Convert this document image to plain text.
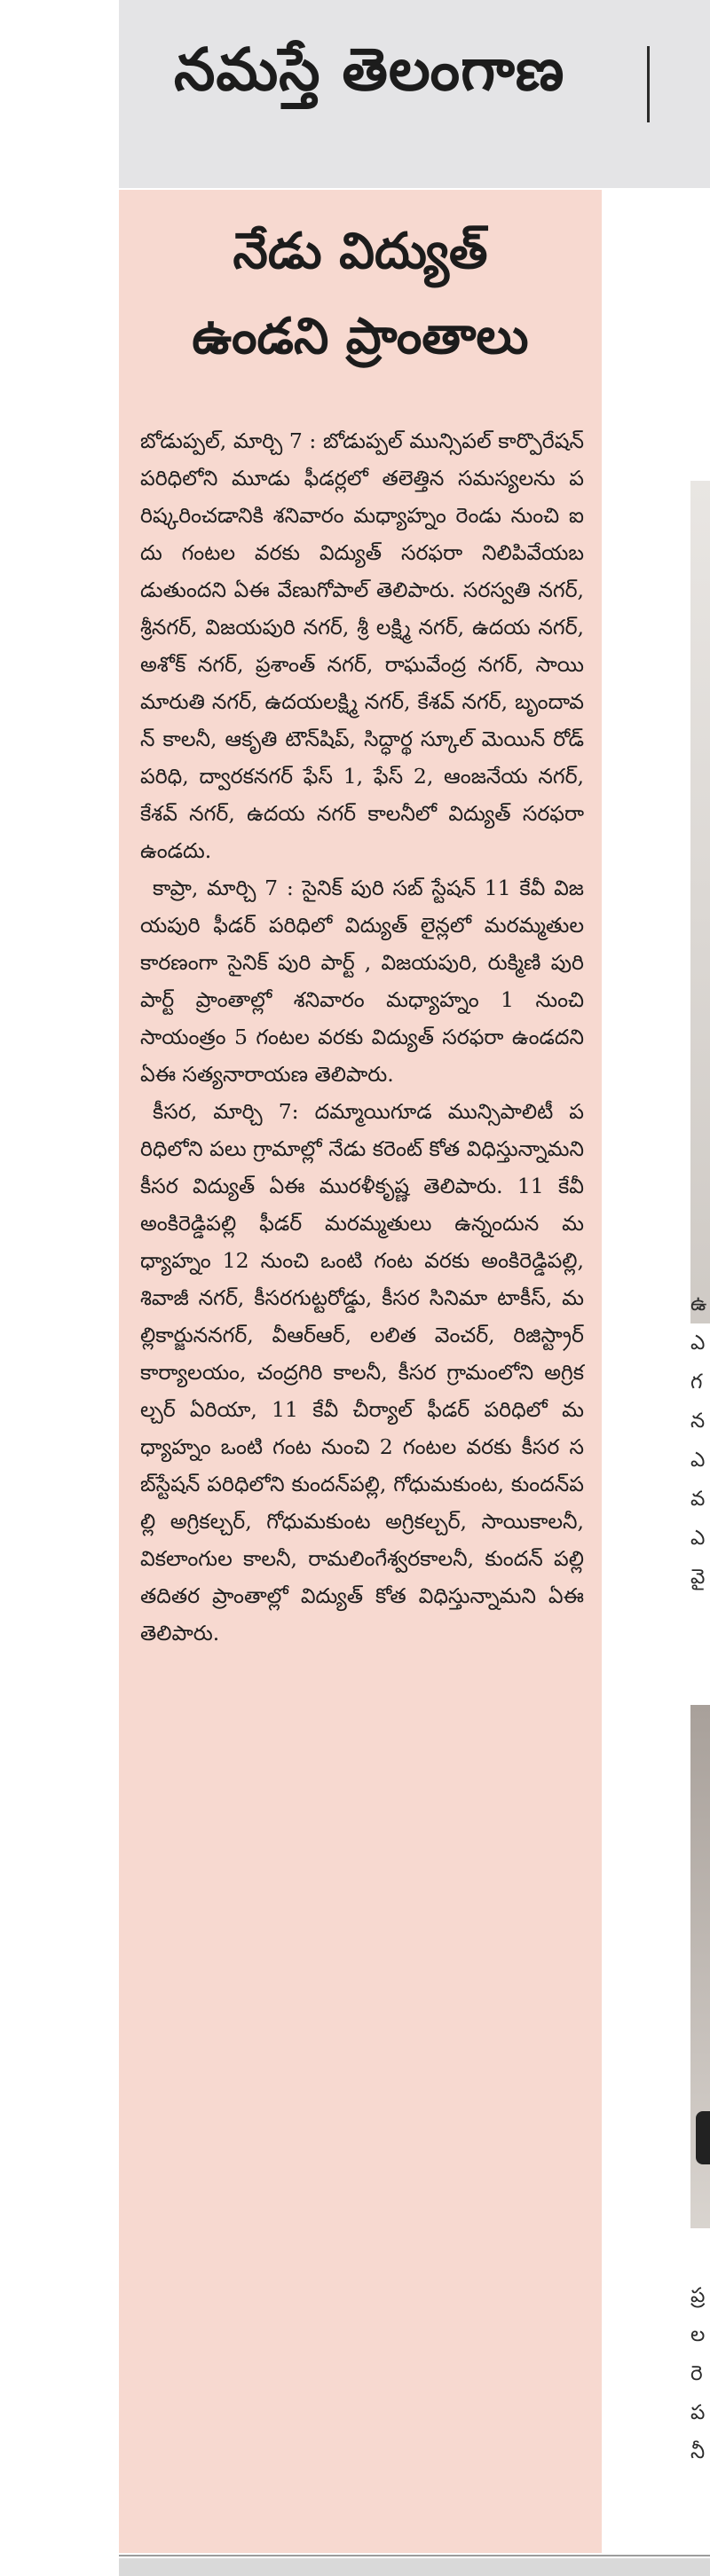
నమస్తే తెలంగాణ
నేడు విద్యుత్
ఉండని ప్రాంతాలు

బోడుప్పల్, మార్చి 7 : బోడుప్పల్ మున్సిపల్ కార్పొరేషన్ పరిధిలోని మూడు ఫీడర్లలో తలెత్తిన సమస్యలను పరిష్కరించడానికి శనివారం మధ్యాహ్నం రెండు నుంచి ఐదు గంటల వరకు విద్యుత్ సరఫరా నిలిపివేయబడుతుందని ఏఈ వేణుగోపాల్ తెలిపారు. సరస్వతి నగర్, శ్రీనగర్, విజయపురి నగర్, శ్రీ లక్ష్మి నగర్, ఉదయ నగర్, అశోక్ నగర్, ప్రశాంత్ నగర్, రాఘవేంద్ర నగర్, సాయి మారుతి నగర్, ఉదయలక్ష్మి నగర్, కేశవ్ నగర్, బృందావన్ కాలనీ, ఆకృతి టౌన్‌షిప్, సిద్ధార్థ స్కూల్ మెయిన్ రోడ్ పరిధి, ద్వారకనగర్ ఫేస్ 1, ఫేస్ 2, ఆంజనేయ నగర్, కేశవ్ నగర్, ఉదయ నగర్ కాలనీలో విద్యుత్ సరఫరా ఉండదు.

కాప్రా, మార్చి 7 : సైనిక్ పురి సబ్ స్టేషన్ 11 కేవీ విజయపురి ఫీడర్ పరిధిలో విద్యుత్ లైన్లలో మరమ్మతుల కారణంగా సైనిక్ పురి పార్ట్ , విజయపురి, రుక్మిణి పురి పార్ట్ ప్రాంతాల్లో శనివారం మధ్యాహ్నం 1 నుంచి సాయంత్రం 5 గంటల వరకు విద్యుత్ సరఫరా ఉండదని ఏఈ సత్యనారాయణ తెలిపారు.

కీసర, మార్చి 7: దమ్మాయిగూడ మున్సిపాలిటీ పరిధిలోని పలు గ్రామాల్లో నేడు కరెంట్ కోత విధిస్తున్నామని కీసర విద్యుత్ ఏఈ మురళీకృష్ణ తెలిపారు. 11 కేవీ అంకిరెడ్డిపల్లి ఫీడర్ మరమ్మతులు ఉన్నందున మధ్యాహ్నం 12 నుంచి ఒంటి గంట వరకు అంకిరెడ్డిపల్లి, శివాజీ నగర్, కీసరగుట్టరోడ్డు, కీసర సినిమా టాకీస్, మల్లికార్జుననగర్, వీఆర్ఆర్, లలిత వెంచర్, రిజిస్ట్రార్ కార్యాలయం, చంద్రగిరి కాలనీ, కీసర గ్రామంలోని అగ్రికల్చర్ ఏరియా, 11 కేవీ చీర్యాల్ ఫీడర్ పరిధిలో మధ్యాహ్నం ఒంటి గంట నుంచి 2 గంటల వరకు కీసర సబ్‌స్టేషన్ పరిధిలోని కుందన్‌పల్లి, గోధుమకుంట, కుందన్‌పల్లి అగ్రికల్చర్, గోధుమకుంట అగ్రికల్చర్, సాయికాలనీ, వికలాంగుల కాలనీ, రామలింగేశ్వరకాలనీ, కుందన్ పల్లి తదితర ప్రాంతాల్లో విద్యుత్ కోత విధిస్తున్నామని ఏఈ తెలిపారు.

ఉ
ఎ
గ
న
ఎ
వ
ఎ
వై
ప్ర
ల
రె
ప
నీ
